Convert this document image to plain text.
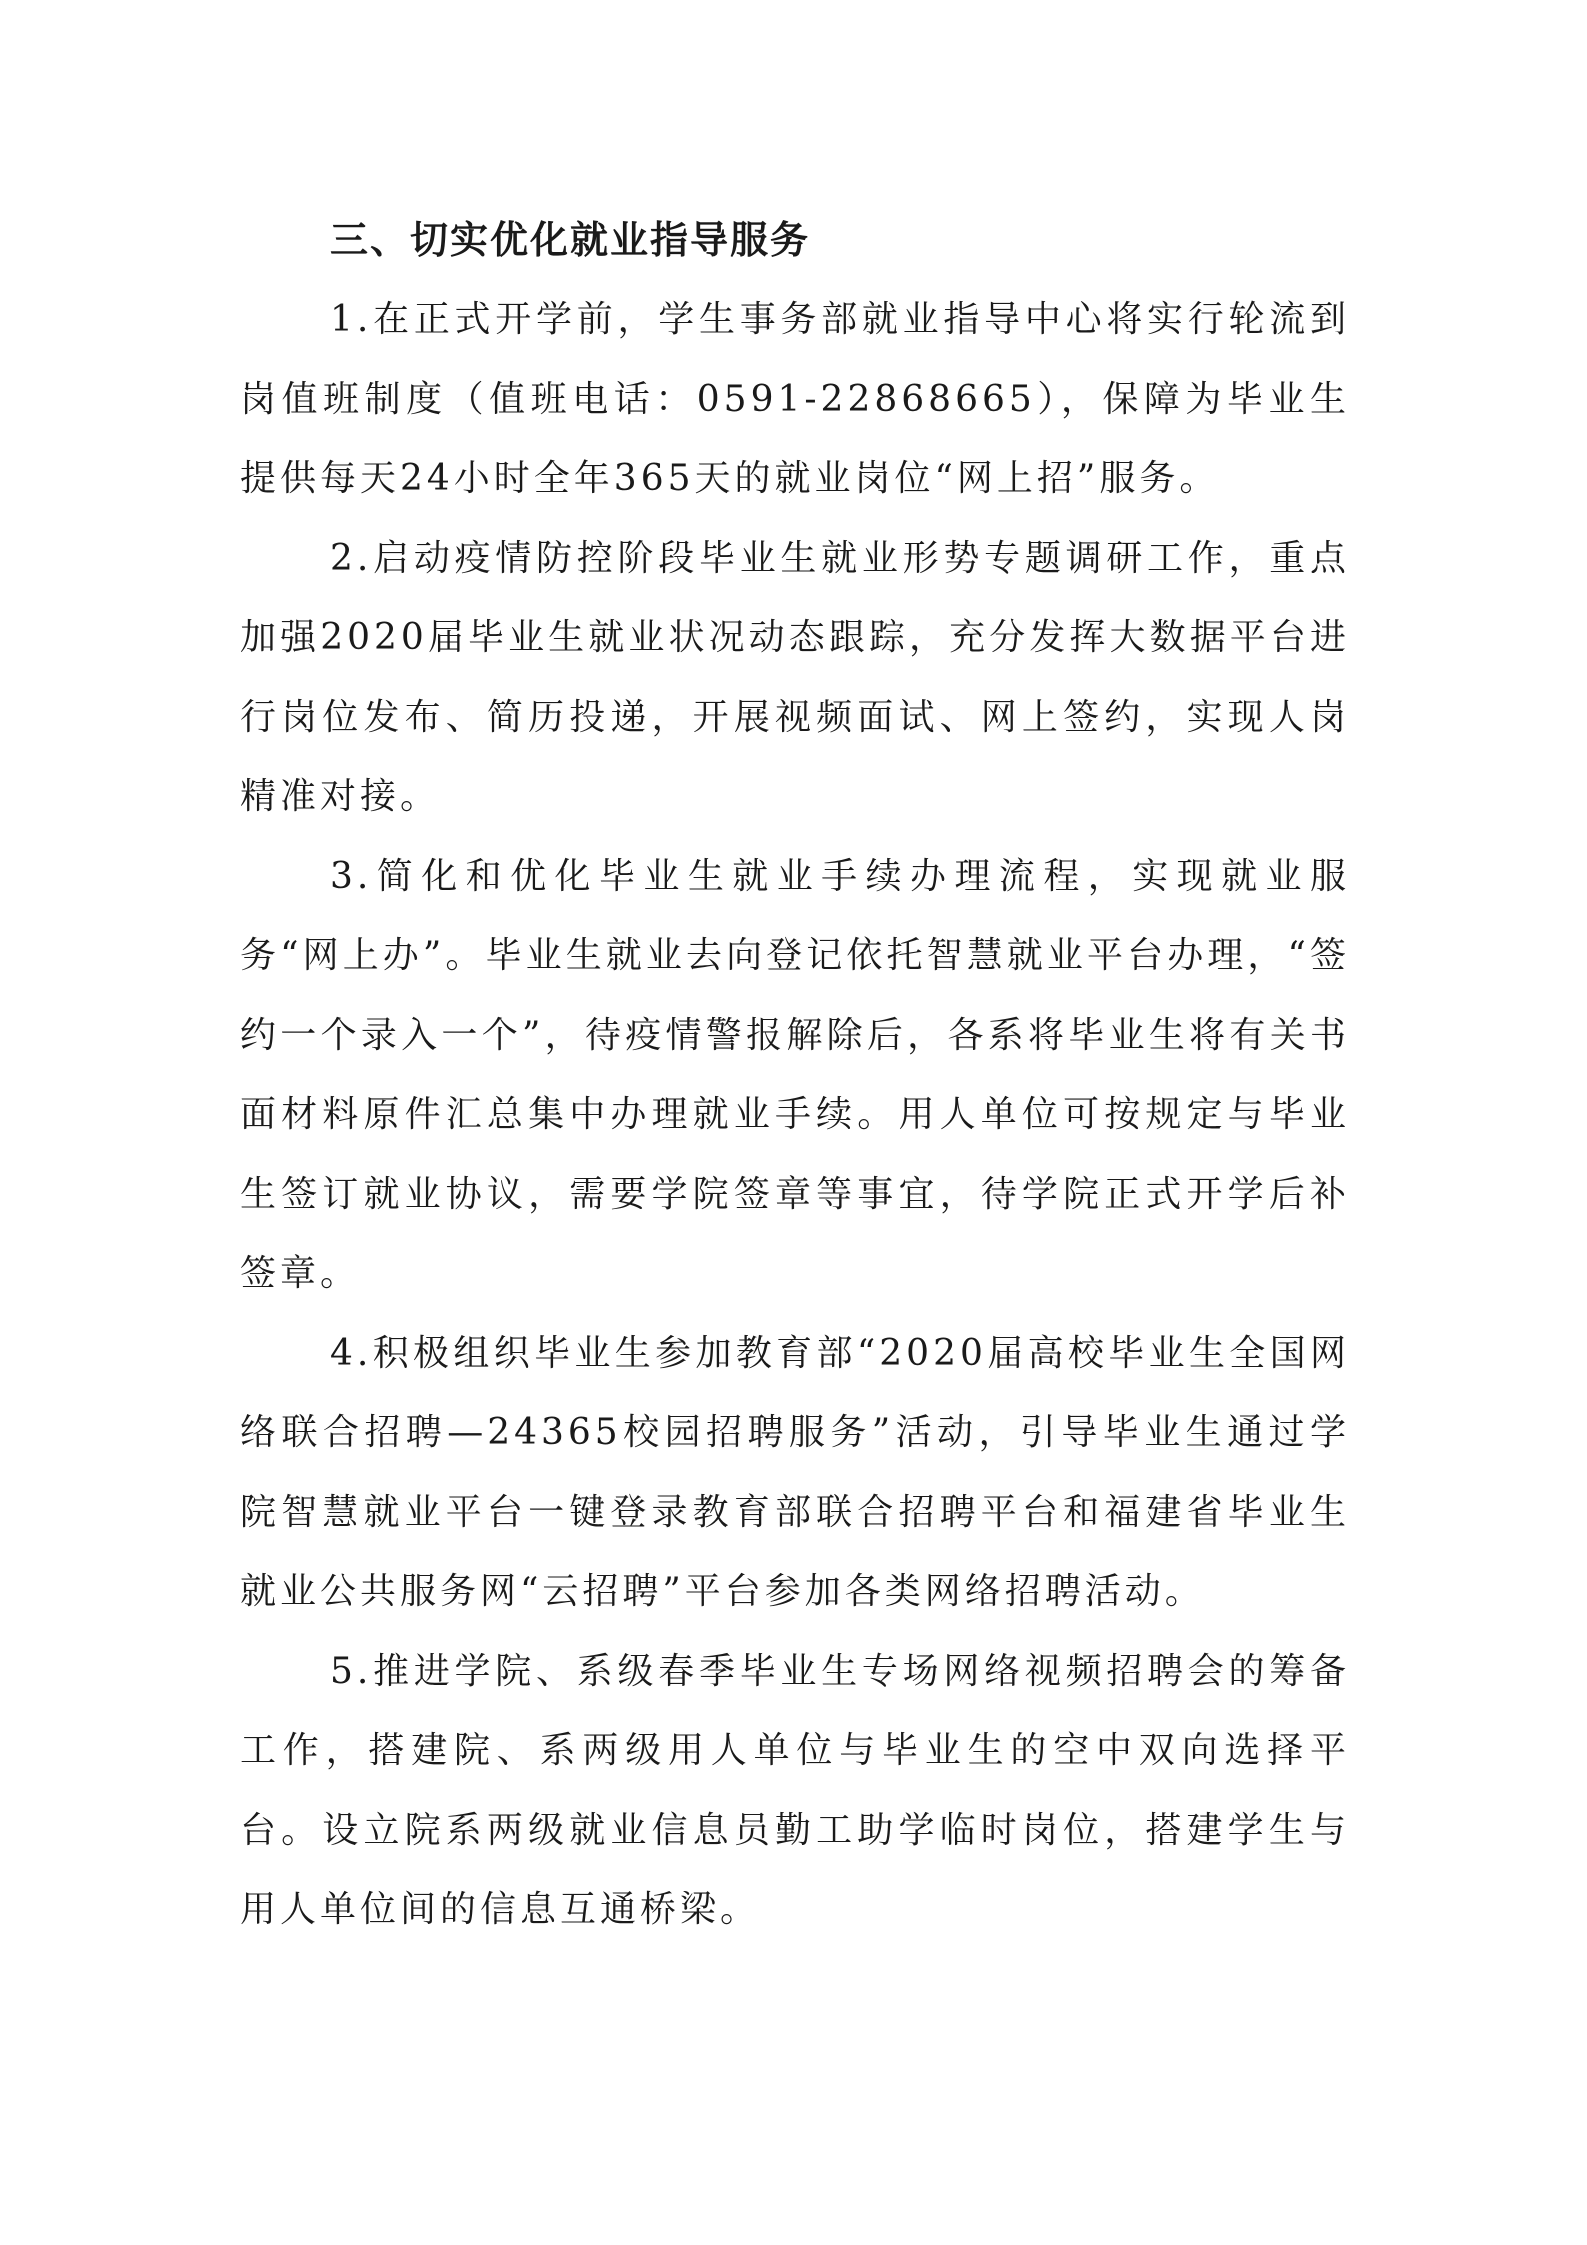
三、切实优化就业指导服务

1.在正式开学前，学生事务部就业指导中心将实行轮流到岗值班制度（值班电话：0591-22868665），保障为毕业生提供每天24小时全年365天的就业岗位“网上招”服务。

2.启动疫情防控阶段毕业生就业形势专题调研工作，重点加强2020届毕业生就业状况动态跟踪，充分发挥大数据平台进行岗位发布、简历投递，开展视频面试、网上签约，实现人岗精准对接。

3.简化和优化毕业生就业手续办理流程，实现就业服务“网上办”。毕业生就业去向登记依托智慧就业平台办理，“签约一个录入一个”，待疫情警报解除后，各系将毕业生将有关书面材料原件汇总集中办理就业手续。用人单位可按规定与毕业生签订就业协议，需要学院签章等事宜，待学院正式开学后补签章。

4.积极组织毕业生参加教育部“2020届高校毕业生全国网络联合招聘—24365校园招聘服务”活动，引导毕业生通过学院智慧就业平台一键登录教育部联合招聘平台和福建省毕业生就业公共服务网“云招聘”平台参加各类网络招聘活动。

5.推进学院、系级春季毕业生专场网络视频招聘会的筹备工作，搭建院、系两级用人单位与毕业生的空中双向选择平台。设立院系两级就业信息员勤工助学临时岗位，搭建学生与用人单位间的信息互通桥梁。
